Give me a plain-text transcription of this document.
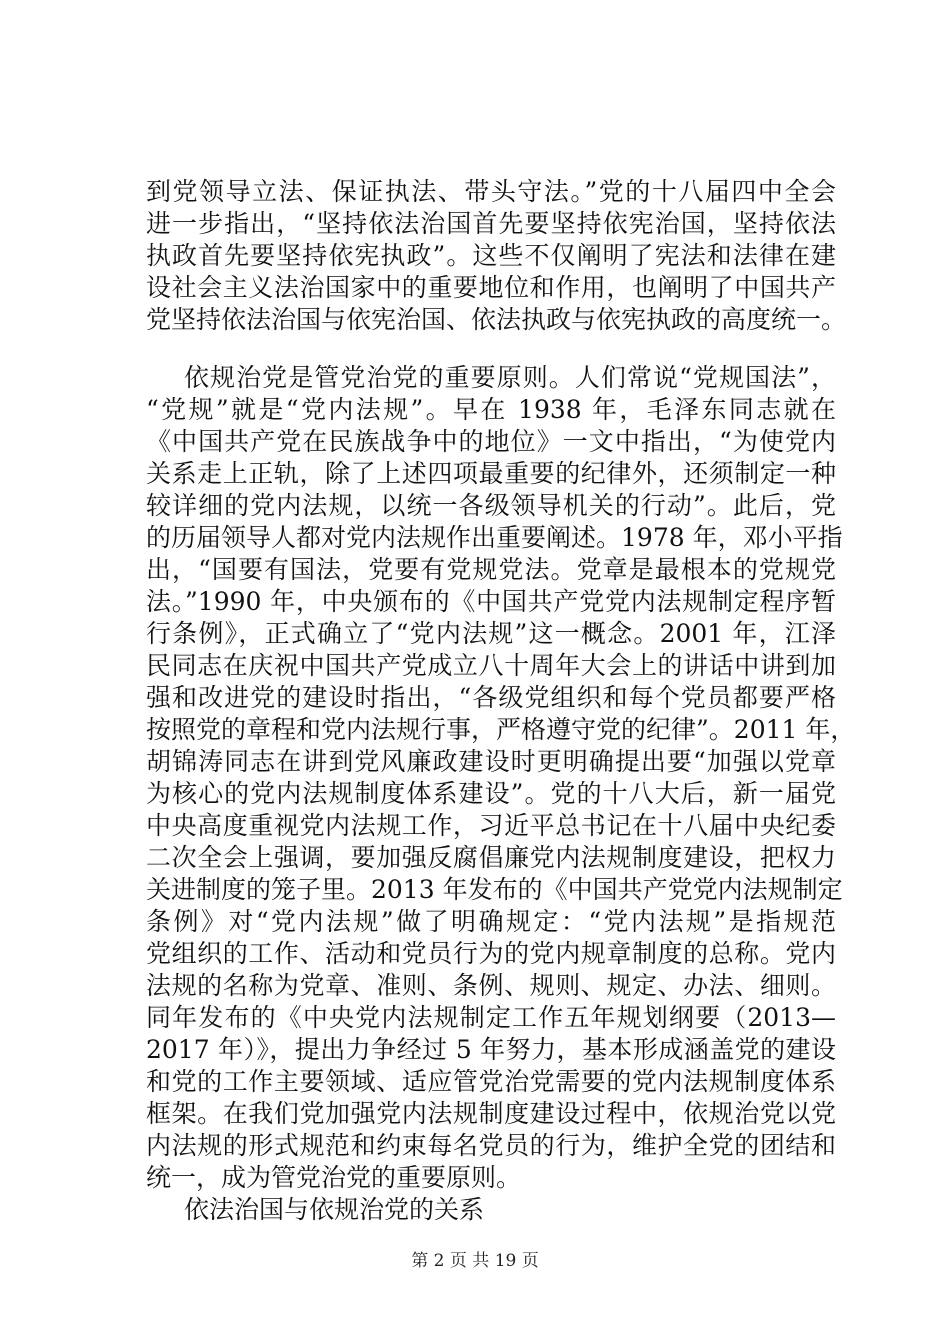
到党领导立法、保证执法、带头守法。”党的十八届四中全会
进一步指出，“坚持依法治国首先要坚持依宪治国，坚持依法
执政首先要坚持依宪执政”。这些不仅阐明了宪法和法律在建
设社会主义法治国家中的重要地位和作用，也阐明了中国共产
党坚持依法治国与依宪治国、依法执政与依宪执政的高度统一。
依规治党是管党治党的重要原则。人们常说“党规国法”，
“党规”就是“党内法规”。早在 1938 年，毛泽东同志就在
《中国共产党在民族战争中的地位》一文中指出，“为使党内
关系走上正轨，除了上述四项最重要的纪律外，还须制定一种
较详细的党内法规，以统一各级领导机关的行动”。此后，党
的历届领导人都对党内法规作出重要阐述。1978 年，邓小平指
出，“国要有国法，党要有党规党法。党章是最根本的党规党
法。”1990 年，中央颁布的《中国共产党党内法规制定程序暂
行条例》，正式确立了“党内法规”这一概念。2001 年，江泽
民同志在庆祝中国共产党成立八十周年大会上的讲话中讲到加
强和改进党的建设时指出，“各级党组织和每个党员都要严格
按照党的章程和党内法规行事，严格遵守党的纪律”。2011 年，
胡锦涛同志在讲到党风廉政建设时更明确提出要“加强以党章
为核心的党内法规制度体系建设”。党的十八大后，新一届党
中央高度重视党内法规工作，习近平总书记在十八届中央纪委
二次全会上强调，要加强反腐倡廉党内法规制度建设，把权力
关进制度的笼子里。2013 年发布的《中国共产党党内法规制定
条例》对“党内法规”做了明确规定：“党内法规”是指规范
党组织的工作、活动和党员行为的党内规章制度的总称。党内
法规的名称为党章、准则、条例、规则、规定、办法、细则。
同年发布的《中央党内法规制定工作五年规划纲要（2013—
2017 年）》，提出力争经过 5 年努力，基本形成涵盖党的建设
和党的工作主要领域、适应管党治党需要的党内法规制度体系
框架。在我们党加强党内法规制度建设过程中，依规治党以党
内法规的形式规范和约束每名党员的行为，维护全党的团结和
统一，成为管党治党的重要原则。
依法治国与依规治党的关系
第 2 页 共 19 页
